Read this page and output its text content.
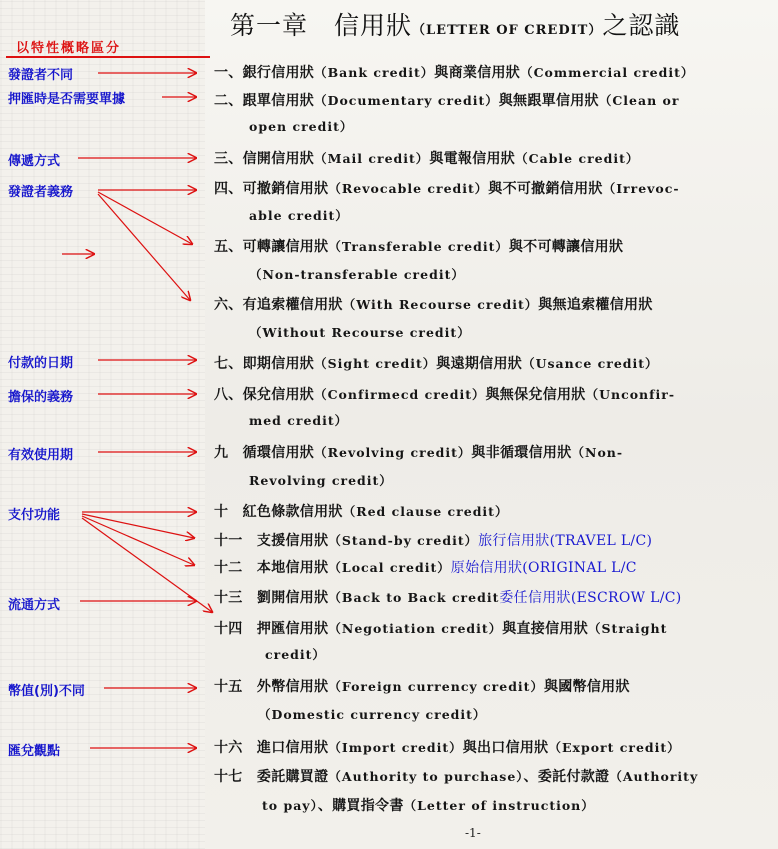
第一章　信用狀（LETTER OF CREDIT）之認識
以特性概略區分
發證者不同
押匯時是否需要單據
傳遞方式
發證者義務
付款的日期
擔保的義務
有效使用期
支付功能
流通方式
幣值(別)不同
匯兌觀點
一、銀行信用狀（Bank credit）與商業信用狀（Commercial credit）
二、跟單信用狀（Documentary credit）與無跟單信用狀（Clean or
open credit）
三、信開信用狀（Mail credit）與電報信用狀（Cable credit）
四、可撤銷信用狀（Revocable credit）與不可撤銷信用狀（Irrevoc-
able credit）
五、可轉讓信用狀（Transferable credit）與不可轉讓信用狀
（Non-transferable credit）
六、有追索權信用狀（With Recourse credit）與無追索權信用狀
（Without Recourse credit）
七、即期信用狀（Sight credit）與遠期信用狀（Usance credit）
八、保兌信用狀（Confirmecd credit）與無保兌信用狀（Unconfir-
med credit）
九　循環信用狀（Revolving credit）與非循環信用狀（Non-
Revolving credit）
十　紅色條款信用狀（Red clause credit）
十一　支援信用狀（Stand-by credit）旅行信用狀(TRAVEL L/C)
十二　本地信用狀（Local credit）原始信用狀(ORIGINAL L/C
十三　劉開信用狀（Back to Back credit委任信用狀(ESCROW L/C)
十四　押匯信用狀（Negotiation credit）與直接信用狀（Straight
credit）
十五　外幣信用狀（Foreign currency credit）與國幣信用狀
（Domestic currency credit）
十六　進口信用狀（Import credit）與出口信用狀（Export credit）
十七　委託購買證（Authority to purchase）、委託付款證（Authority
to pay）、購買指令書（Letter of instruction）
-1-
